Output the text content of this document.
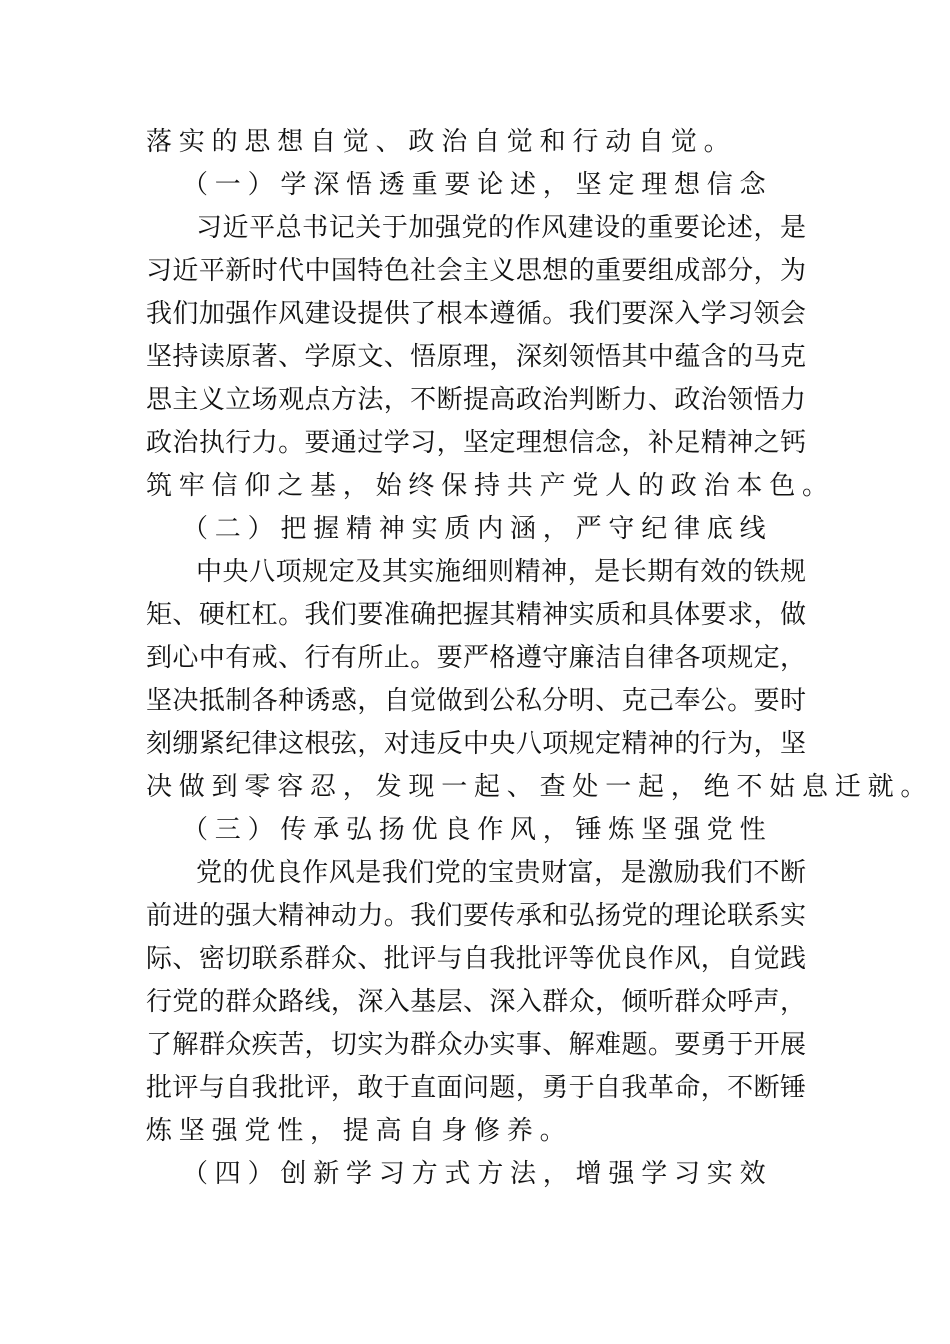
落实的思想自觉、政治自觉和行动自觉。
（一）学深悟透重要论述，坚定理想信念
习近平总书记关于加强党的作风建设的重要论述，是
习近平新时代中国特色社会主义思想的重要组成部分，为
我们加强作风建设提供了根本遵循。我们要深入学习领会
坚持读原著、学原文、悟原理，深刻领悟其中蕴含的马克
思主义立场观点方法，不断提高政治判断力、政治领悟力
政治执行力。要通过学习，坚定理想信念，补足精神之钙
筑牢信仰之基，始终保持共产党人的政治本色。
（二）把握精神实质内涵，严守纪律底线
中央八项规定及其实施细则精神，是长期有效的铁规
矩、硬杠杠。我们要准确把握其精神实质和具体要求，做
到心中有戒、行有所止。要严格遵守廉洁自律各项规定，
坚决抵制各种诱惑，自觉做到公私分明、克己奉公。要时
刻绷紧纪律这根弦，对违反中央八项规定精神的行为，坚
决做到零容忍，发现一起、查处一起，绝不姑息迁就。
（三）传承弘扬优良作风，锤炼坚强党性
党的优良作风是我们党的宝贵财富，是激励我们不断
前进的强大精神动力。我们要传承和弘扬党的理论联系实
际、密切联系群众、批评与自我批评等优良作风，自觉践
行党的群众路线，深入基层、深入群众，倾听群众呼声，
了解群众疾苦，切实为群众办实事、解难题。要勇于开展
批评与自我批评，敢于直面问题，勇于自我革命，不断锤
炼坚强党性，提高自身修养。
（四）创新学习方式方法，增强学习实效
